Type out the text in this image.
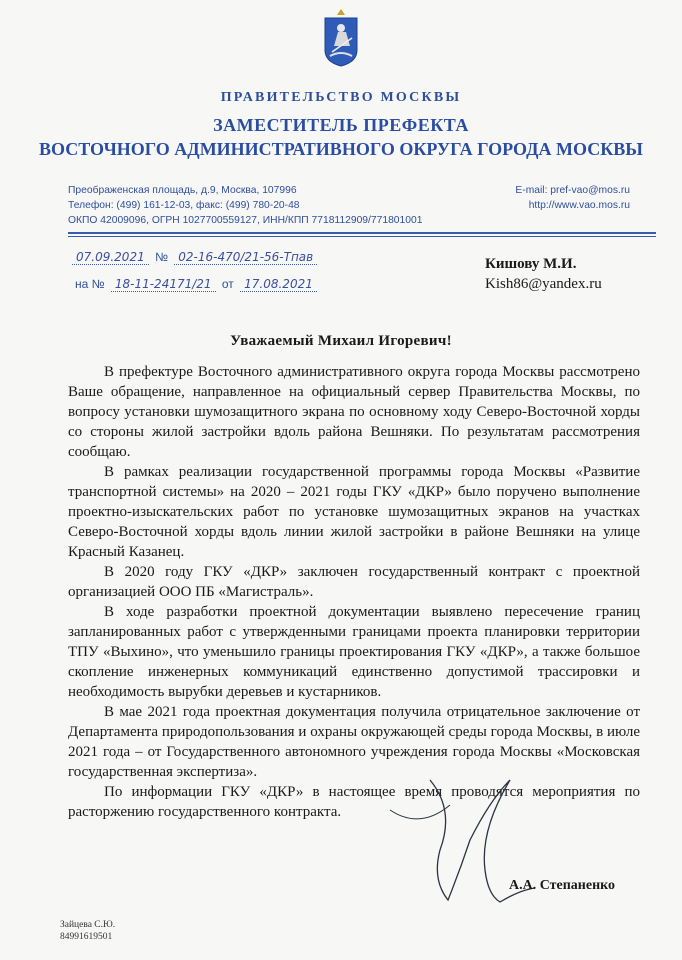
ПРАВИТЕЛЬСТВО МОСКВЫ
ЗАМЕСТИТЕЛЬ ПРЕФЕКТА
ВОСТОЧНОГО АДМИНИСТРАТИВНОГО ОКРУГА ГОРОДА МОСКВЫ
Преображенская площадь, д.9, Москва, 107996
Телефон: (499) 161-12-03, факс: (499) 780-20-48
ОКПО 42009096, ОГРН 1027700559127, ИНН/КПП 7718112909/771801001
E-mail: pref-vao@mos.ru
http://www.vao.mos.ru
07.09.2021 № 02-16-470/21-56-Тпав
на № 18-11-24171/21 от 17.08.2021
Кишову М.И.
Kish86@yandex.ru
Уважаемый Михаил Игоревич!

В префектуре Восточного административного округа города Москвы рассмотрено Ваше обращение, направленное на официальный сервер Правительства Москвы, по вопросу установки шумозащитного экрана по основному ходу Северо-Восточной хорды со стороны жилой застройки вдоль района Вешняки. По результатам рассмотрения сообщаю.

В рамках реализации государственной программы города Москвы «Развитие транспортной системы» на 2020 – 2021 годы ГКУ «ДКР» было поручено выполнение проектно-изыскательских работ по установке шумозащитных экранов на участках Северо-Восточной хорды вдоль линии жилой застройки в районе Вешняки на улице Красный Казанец.

В 2020 году ГКУ «ДКР» заключен государственный контракт с проектной организацией ООО ПБ «Магистраль».

В ходе разработки проектной документации выявлено пересечение границ запланированных работ с утвержденными границами проекта планировки территории ТПУ «Выхино», что уменьшило границы проектирования ГКУ «ДКР», а также большое скопление инженерных коммуникаций единственно допустимой трассировки и необходимость вырубки деревьев и кустарников.

В мае 2021 года проектная документация получила отрицательное заключение от Департамента природопользования и охраны окружающей среды города Москвы, в июле 2021 года – от Государственного автономного учреждения города Москвы «Московская государственная экспертиза».

По информации ГКУ «ДКР» в настоящее время проводятся мероприятия по расторжению государственного контракта.

А.А. Степаненко
Зайцева С.Ю.
84991619501
